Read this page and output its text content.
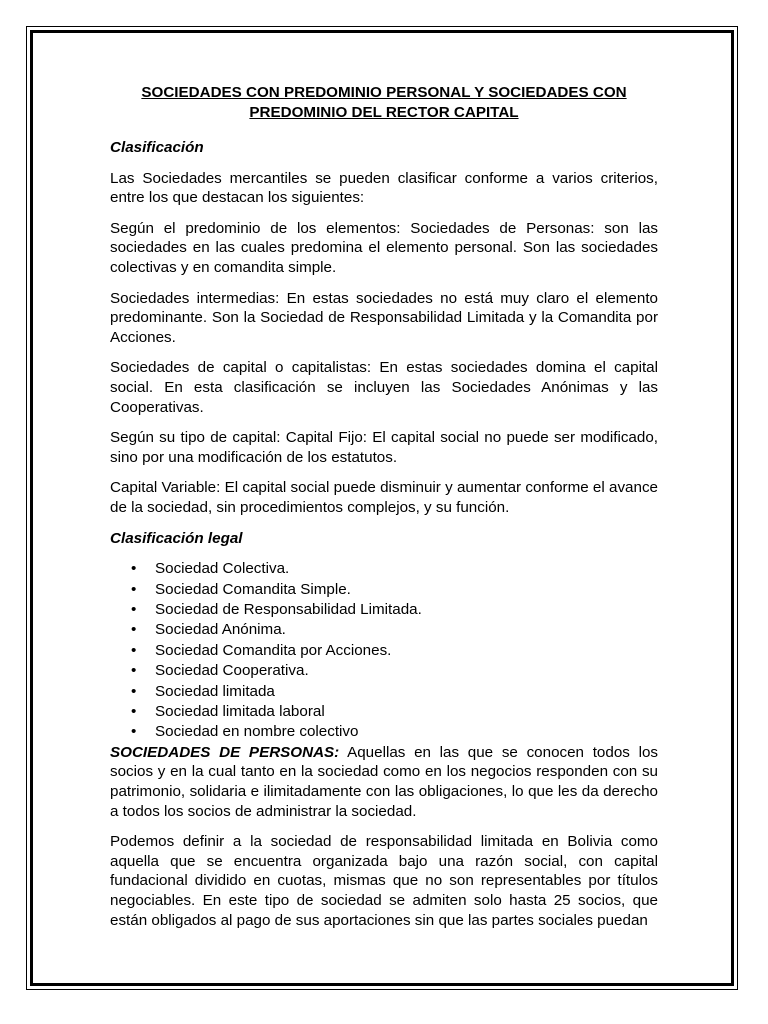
SOCIEDADES CON PREDOMINIO PERSONAL Y SOCIEDADES CON
PREDOMINIO DEL RECTOR CAPITAL
Clasificación

Las Sociedades mercantiles se pueden clasificar conforme a varios criterios, entre los que destacan los siguientes:

Según el predominio de los elementos: Sociedades de Personas: son las sociedades en las cuales predomina el elemento personal. Son las sociedades colectivas y en comandita simple.

Sociedades intermedias: En estas sociedades no está muy claro el elemento predominante. Son la Sociedad de Responsabilidad Limitada y la Comandita por Acciones.

Sociedades de capital o capitalistas: En estas sociedades domina el capital social. En esta clasificación se incluyen las Sociedades Anónimas y las Cooperativas.

Según su tipo de capital: Capital Fijo: El capital social no puede ser modificado, sino por una modificación de los estatutos.

Capital Variable: El capital social puede disminuir y aumentar conforme el avance de la sociedad, sin procedimientos complejos, y su función.

Clasificación legal
• Sociedad Colectiva.
• Sociedad Comandita Simple.
• Sociedad de Responsabilidad Limitada.
• Sociedad Anónima.
• Sociedad Comandita por Acciones.
• Sociedad Cooperativa.
• Sociedad limitada
• Sociedad limitada laboral
• Sociedad en nombre colectivo

SOCIEDADES DE PERSONAS: Aquellas en las que se conocen todos los socios y en la cual tanto en la sociedad como en los negocios responden con su patrimonio, solidaria e ilimitadamente con las obligaciones, lo que les da derecho a todos los socios de administrar la sociedad.

Podemos definir a la sociedad de responsabilidad limitada en Bolivia como aquella que se encuentra organizada bajo una razón social, con capital fundacional dividido en cuotas, mismas que no son representables por títulos negociables. En este tipo de sociedad se admiten solo hasta 25 socios, que están obligados al pago de sus aportaciones sin que las partes sociales puedan
